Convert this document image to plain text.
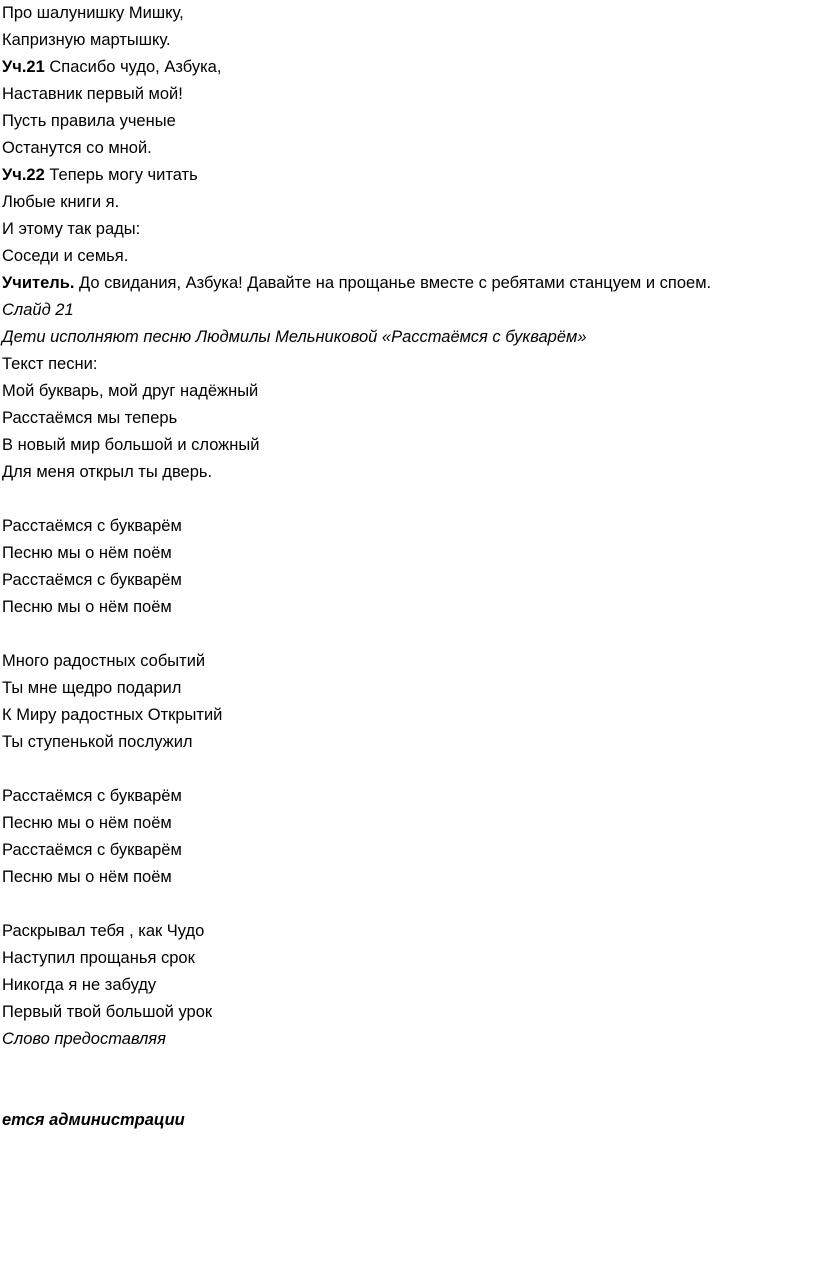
Про шалунишку Мишку,
Капризную мартышку.
Уч.21 Спасибо чудо, Азбука,
Наставник первый мой!
Пусть правила ученые
Останутся со мной.
Уч.22 Теперь могу читать
Любые книги я.
И этому так рады:
Соседи и семья.
Учитель. До свидания, Азбука! Давайте на прощанье вместе с ребятами станцуем и споем.
Слайд 21
Дети исполняют песню Людмилы Мельниковой «Расстаёмся с букварём»
Текст песни:
Мой букварь, мой друг надёжный
Расстаёмся мы теперь
В новый мир большой и сложный
Для меня открыл ты дверь.
Расстаёмся с букварём
Песню мы о нём поём
Расстаёмся с букварём
Песню мы о нём поём
Много радостных событий
Ты мне щедро подарил
К Миру радостных Открытий
Ты ступенькой послужил
Расстаёмся с букварём
Песню мы о нём поём
Расстаёмся с букварём
Песню мы о нём поём
Раскрывал тебя , как Чудо
Наступил прощанья срок
Никогда я не забуду
Первый твой большой урок
Слово предоставляя
ется администрации
